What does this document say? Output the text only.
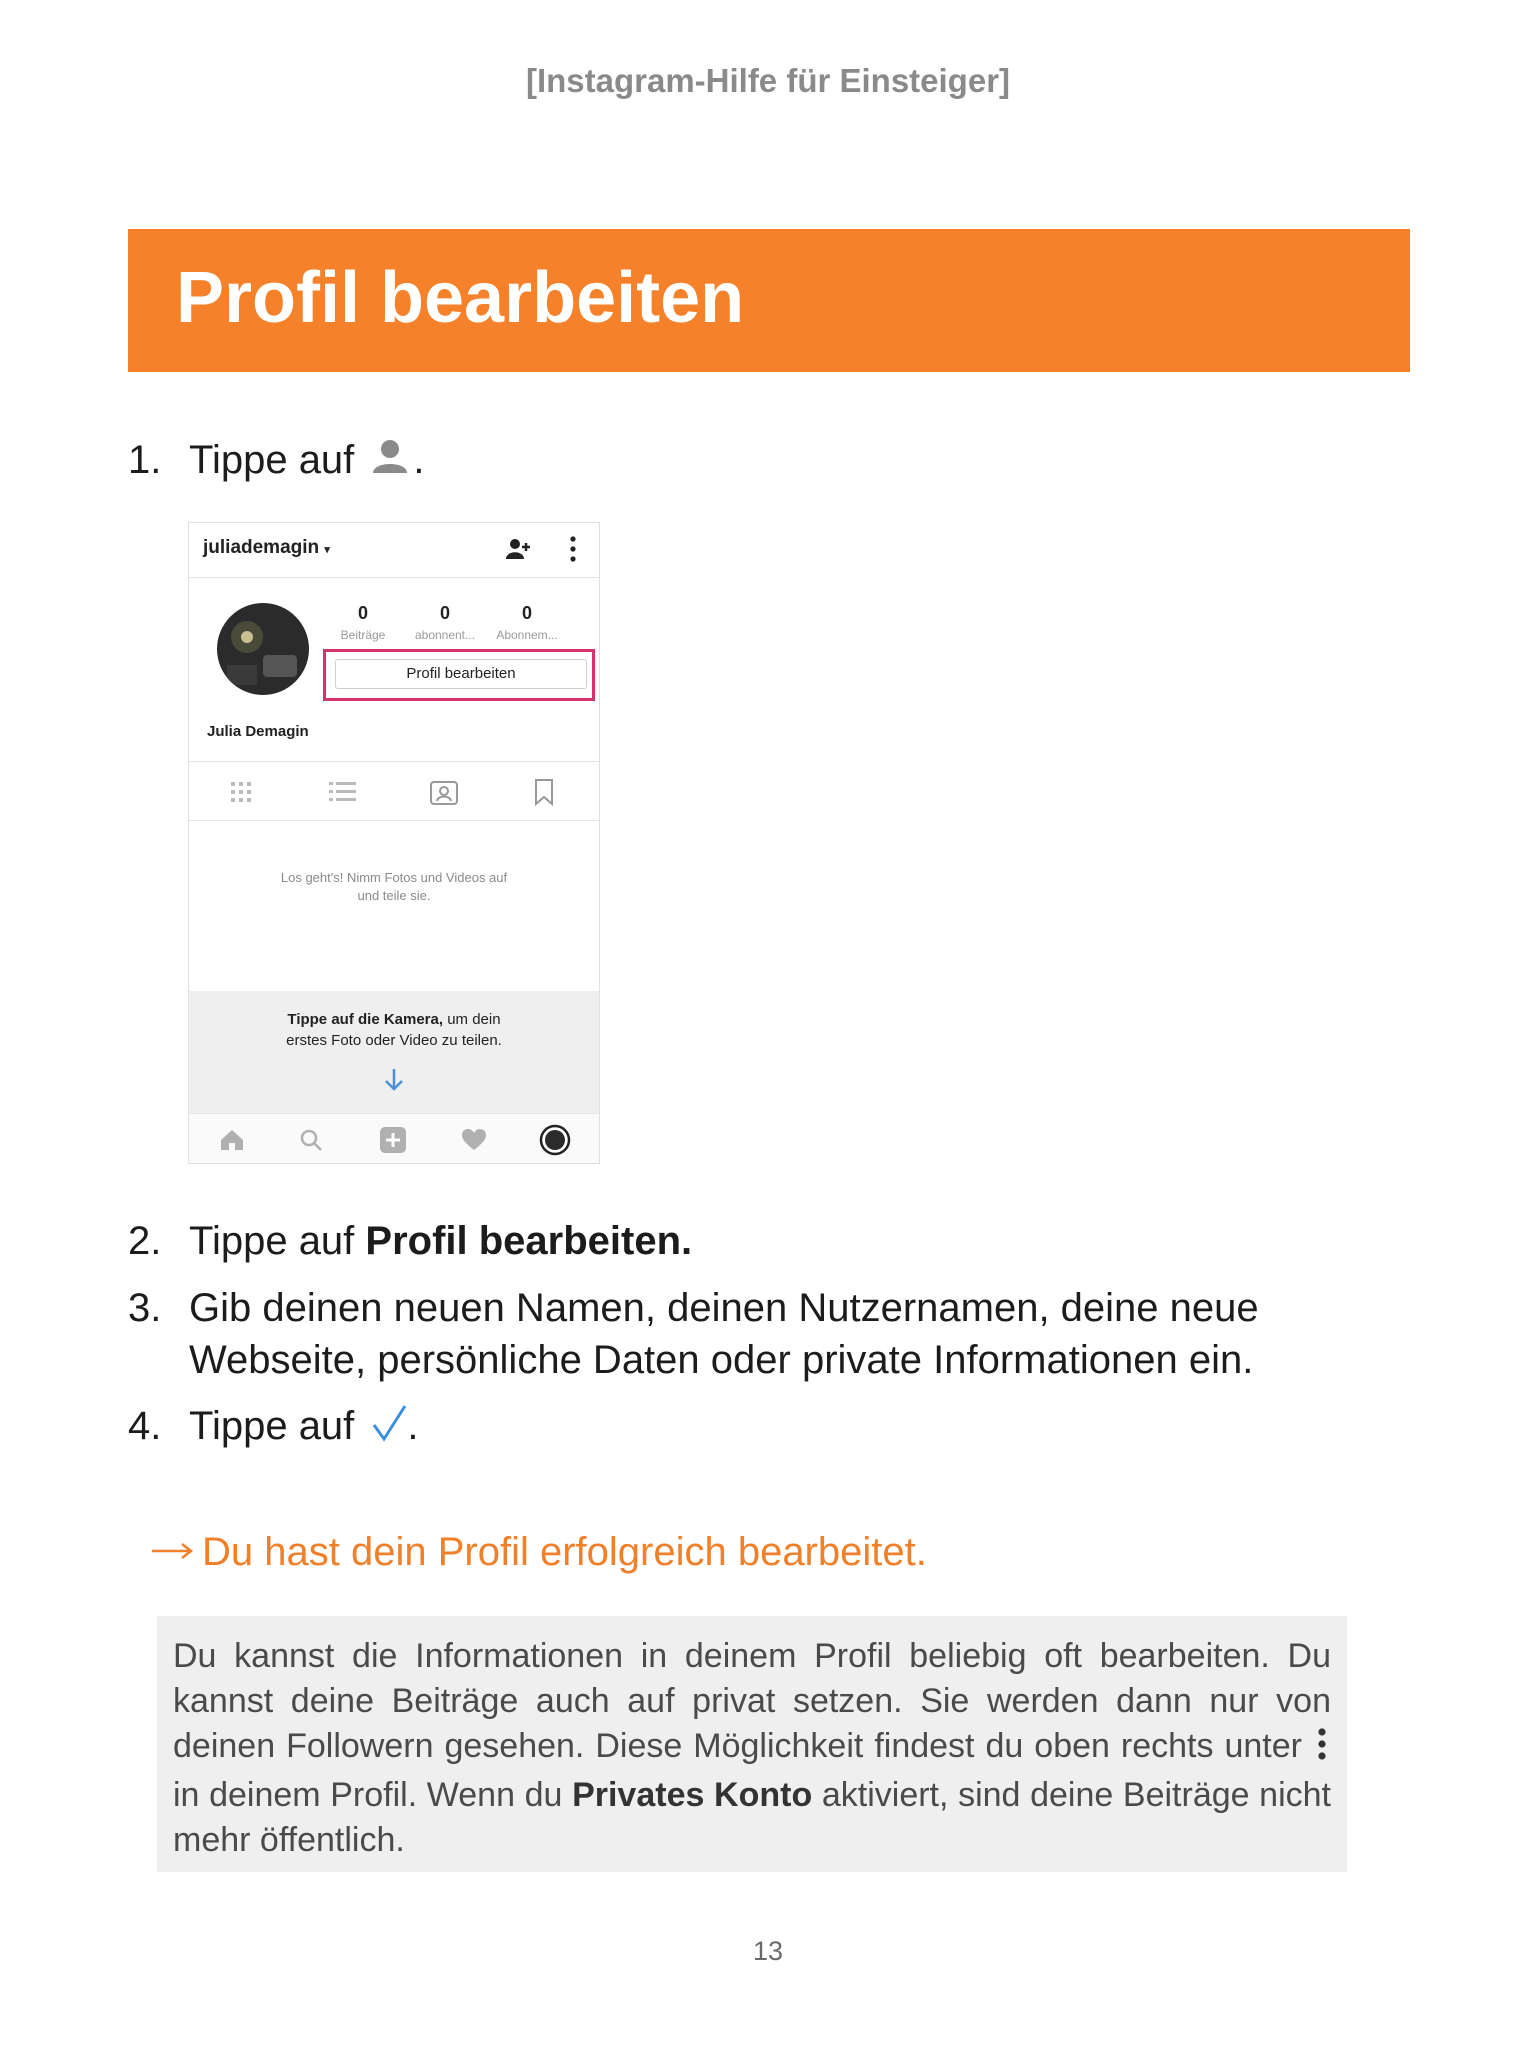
[Instagram-Hilfe für Einsteiger]
Profil bearbeiten
1. Tippe auf .
juliademagin ▾
0
Beiträge
0
abonnent...
0
Abonnem...
Profil bearbeiten
Julia Demagin
Los geht's! Nimm Fotos und Videos auf
und teile sie.
Tippe auf die Kamera, um dein
erstes Foto oder Video zu teilen.
2. Tippe auf Profil bearbeiten.
3. Gib deinen neuen Namen, deinen Nutzernamen, deine neue
Webseite, persönliche Daten oder private Informationen ein.
4. Tippe auf .
Du hast dein Profil erfolgreich bearbeitet.
Du kannst die Informationen in deinem Profil beliebig oft bearbeiten. Du kannst deine Beiträge auch auf privat setzen. Sie werden dann nur von deinen Followern gesehen. Diese Möglichkeit findest du oben rechts unter  in deinem Profil. Wenn du Privates Konto aktiviert, sind deine Beiträge nicht mehr öffentlich.
13
